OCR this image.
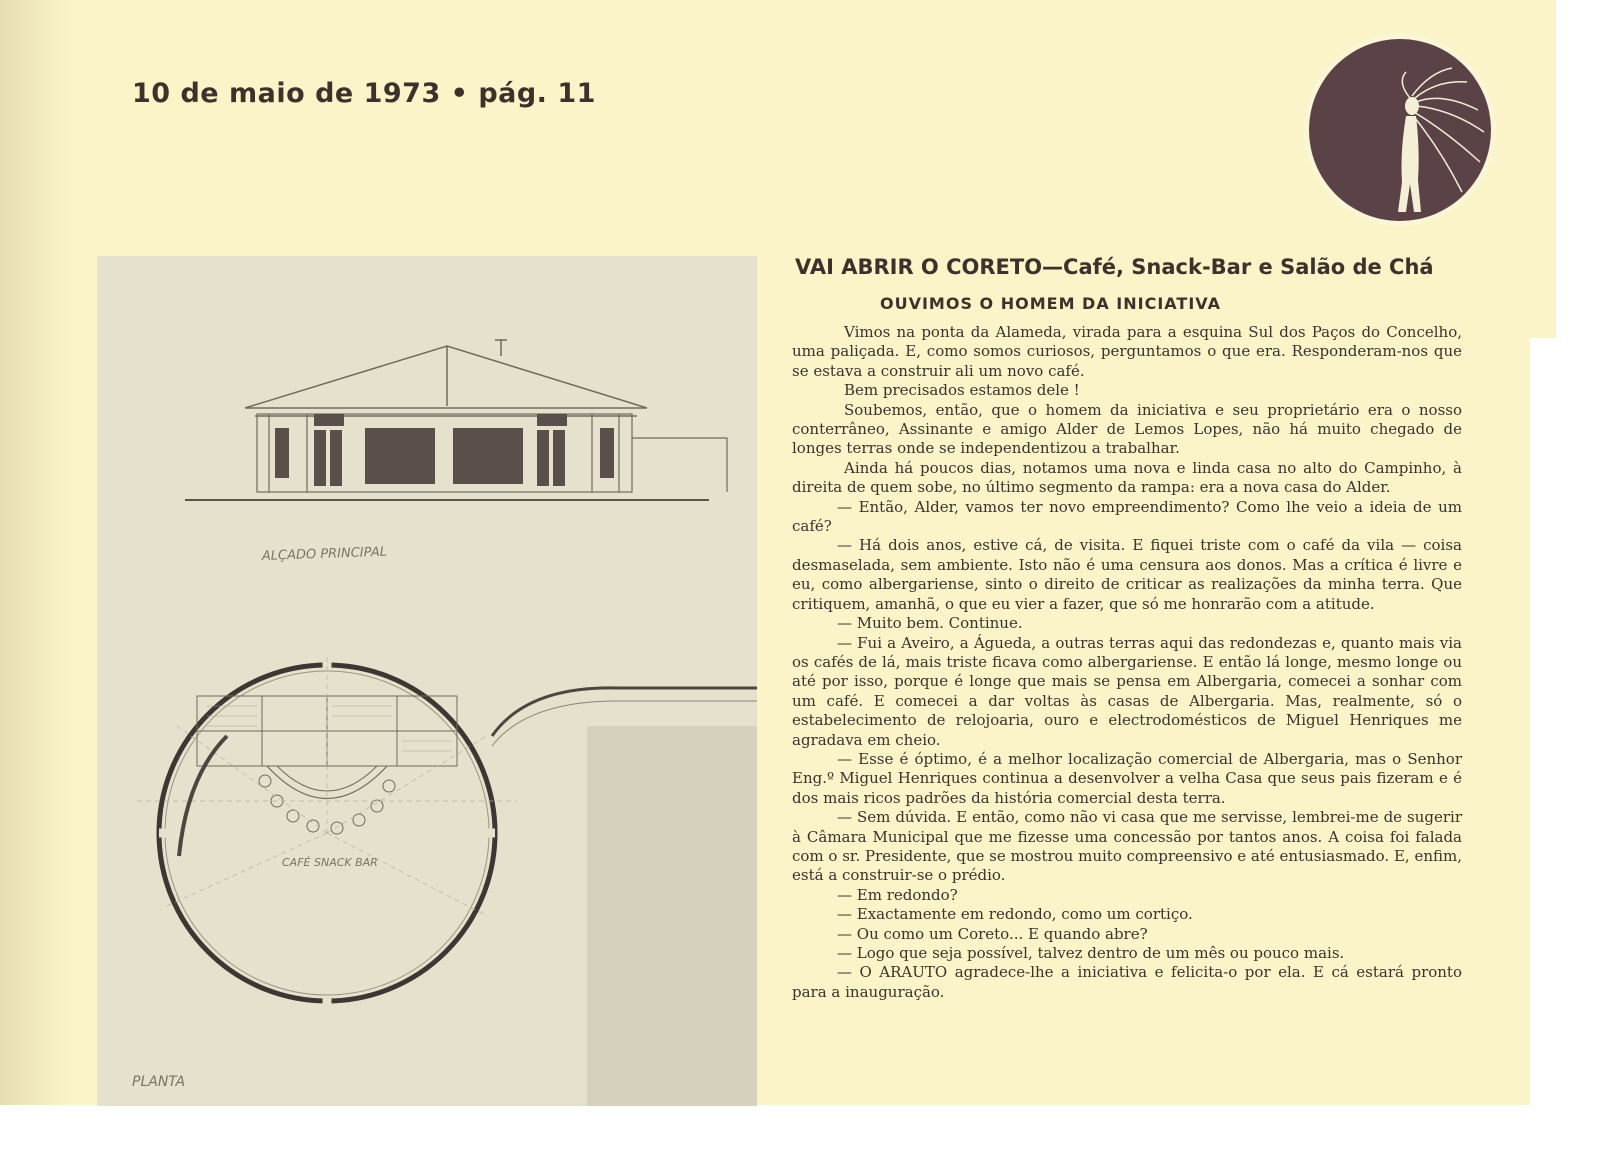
10 de maio de 1973 • pág. 11
ALÇADO PRINCIPAL
CAFÉ SNACK BAR
PLANTA
VAI ABRIR O CORETO—Café, Snack-Bar e Salão de Chá
OUVIMOS O HOMEM DA INICIATIVA

Vimos na ponta da Alameda, virada para a esquina Sul dos Paços do Concelho, uma paliçada. E, como somos curiosos, perguntamos o que era. Responderam-nos que se estava a construir ali um novo café.

Bem precisados estamos dele !

Soubemos, então, que o homem da iniciativa e seu proprietário era o nosso conterrâneo, Assinante e amigo Alder de Lemos Lopes, não há muito chegado de longes terras onde se independentizou a trabalhar.

Ainda há poucos dias, notamos uma nova e linda casa no alto do Campinho, à direita de quem sobe, no último segmento da rampa: era a nova casa do Alder.

— Então, Alder, vamos ter novo empreendimento? Como lhe veio a ideia de um café?

— Há dois anos, estive cá, de visita. E fiquei triste com o café da vila — coisa desmaselada, sem ambiente. Isto não é uma censura aos donos. Mas a crítica é livre e eu, como albergariense, sinto o direito de criticar as realizações da minha terra. Que critiquem, amanhã, o que eu vier a fazer, que só me honrarão com a atitude.

— Muito bem. Continue.

— Fui a Aveiro, a Águeda, a outras terras aqui das redondezas e, quanto mais via os cafés de lá, mais triste ficava como albergariense. E então lá longe, mesmo longe ou até por isso, porque é longe que mais se pensa em Albergaria, comecei a sonhar com um café. E comecei a dar voltas às casas de Albergaria. Mas, realmente, só o estabelecimento de relojoaria, ouro e electrodomésticos de Miguel Henriques me agradava em cheio.

— Esse é óptimo, é a melhor localização comercial de Albergaria, mas o Senhor Eng.º Miguel Henriques continua a desenvolver a velha Casa que seus pais fizeram e é dos mais ricos padrões da história comercial desta terra.

— Sem dúvida. E então, como não vi casa que me servisse, lembrei-me de sugerir à Câmara Municipal que me fizesse uma concessão por tantos anos. A coisa foi falada com o sr. Presidente, que se mostrou muito compreensivo e até entusiasmado. E, enfim, está a construir-se o prédio.

— Em redondo?

— Exactamente em redondo, como um cortiço.

— Ou como um Coreto... E quando abre?

— Logo que seja possível, talvez dentro de um mês ou pouco mais.

— O ARAUTO agradece-lhe a iniciativa e felicita-o por ela. E cá estará pronto para a inauguração.
